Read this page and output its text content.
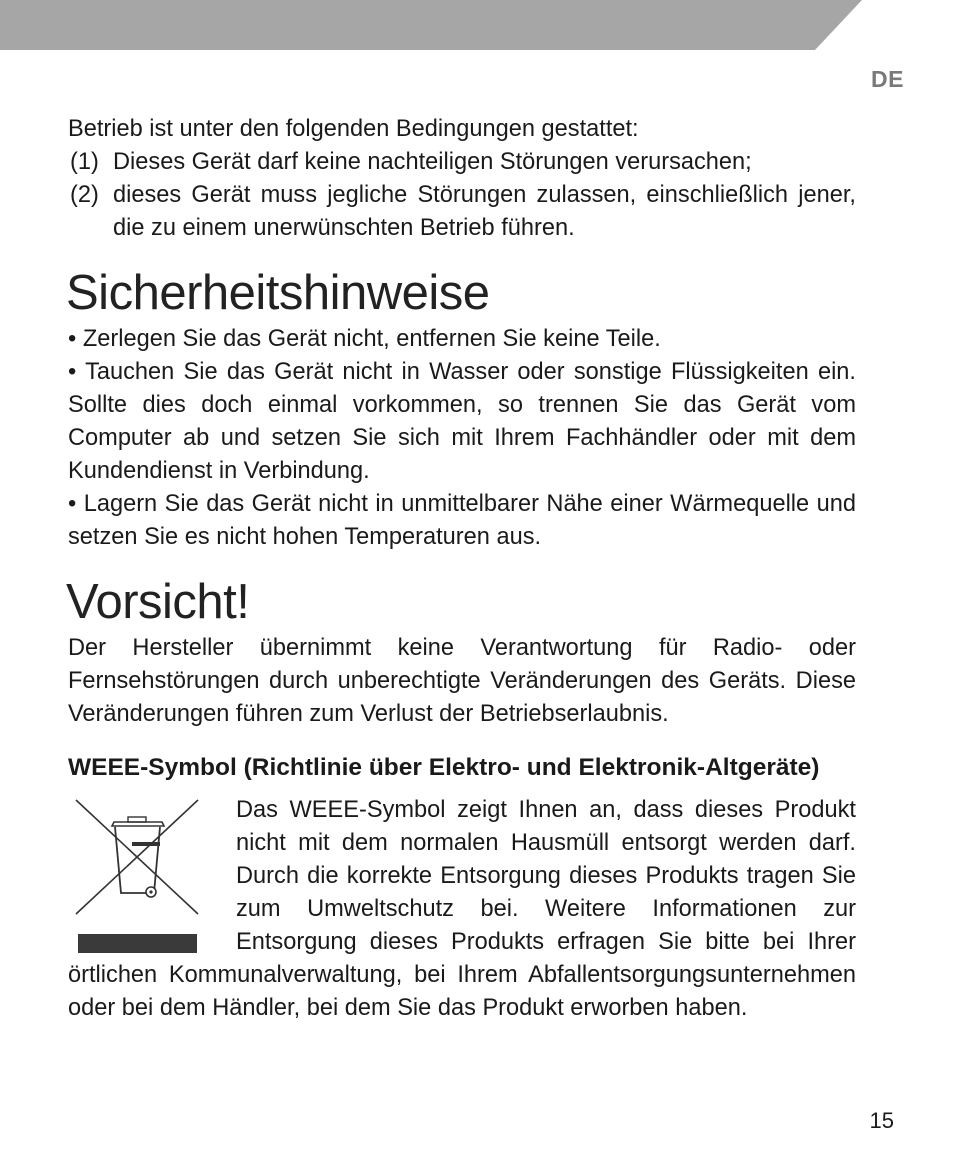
DE

Betrieb ist unter den folgenden Bedingungen gestattet:

(1) Dieses Gerät darf keine nachteiligen Störungen verursachen;
(2) dieses Gerät muss jegliche Störungen zulassen, einschließlich jener, die zu einem unerwünschten Betrieb führen.
Sicherheitshinweise

• Zerlegen Sie das Gerät nicht, entfernen Sie keine Teile.

• Tauchen Sie das Gerät nicht in Wasser oder sonstige Flüssigkeiten ein. Sollte dies doch einmal vorkommen, so trennen Sie das Gerät vom Computer ab und setzen Sie sich mit Ihrem Fachhändler oder mit dem Kundendienst in Verbindung.

• Lagern Sie das Gerät nicht in unmittelbarer Nähe einer Wärmequelle und setzen Sie es nicht hohen Temperaturen aus.

Vorsicht!

Der Hersteller übernimmt keine Verantwortung für Radio- oder Fernsehstörungen durch unberechtigte Veränderungen des Geräts. Diese Veränderungen führen zum Verlust der Betriebserlaubnis.

WEEE-Symbol (Richtlinie über Elektro- und Elektronik-Altgeräte)

Das WEEE-Symbol zeigt Ihnen an, dass dieses Produkt nicht mit dem normalen Hausmüll entsorgt werden darf. Durch die korrekte Entsorgung dieses Produkts tragen Sie zum Umweltschutz bei. Weitere Informationen zur Entsorgung dieses Produkts erfragen Sie bitte bei Ihrer örtlichen Kommunalverwaltung, bei Ihrem Abfallentsorgungsunternehmen oder bei dem Händler, bei dem Sie das Produkt erworben haben.

15
